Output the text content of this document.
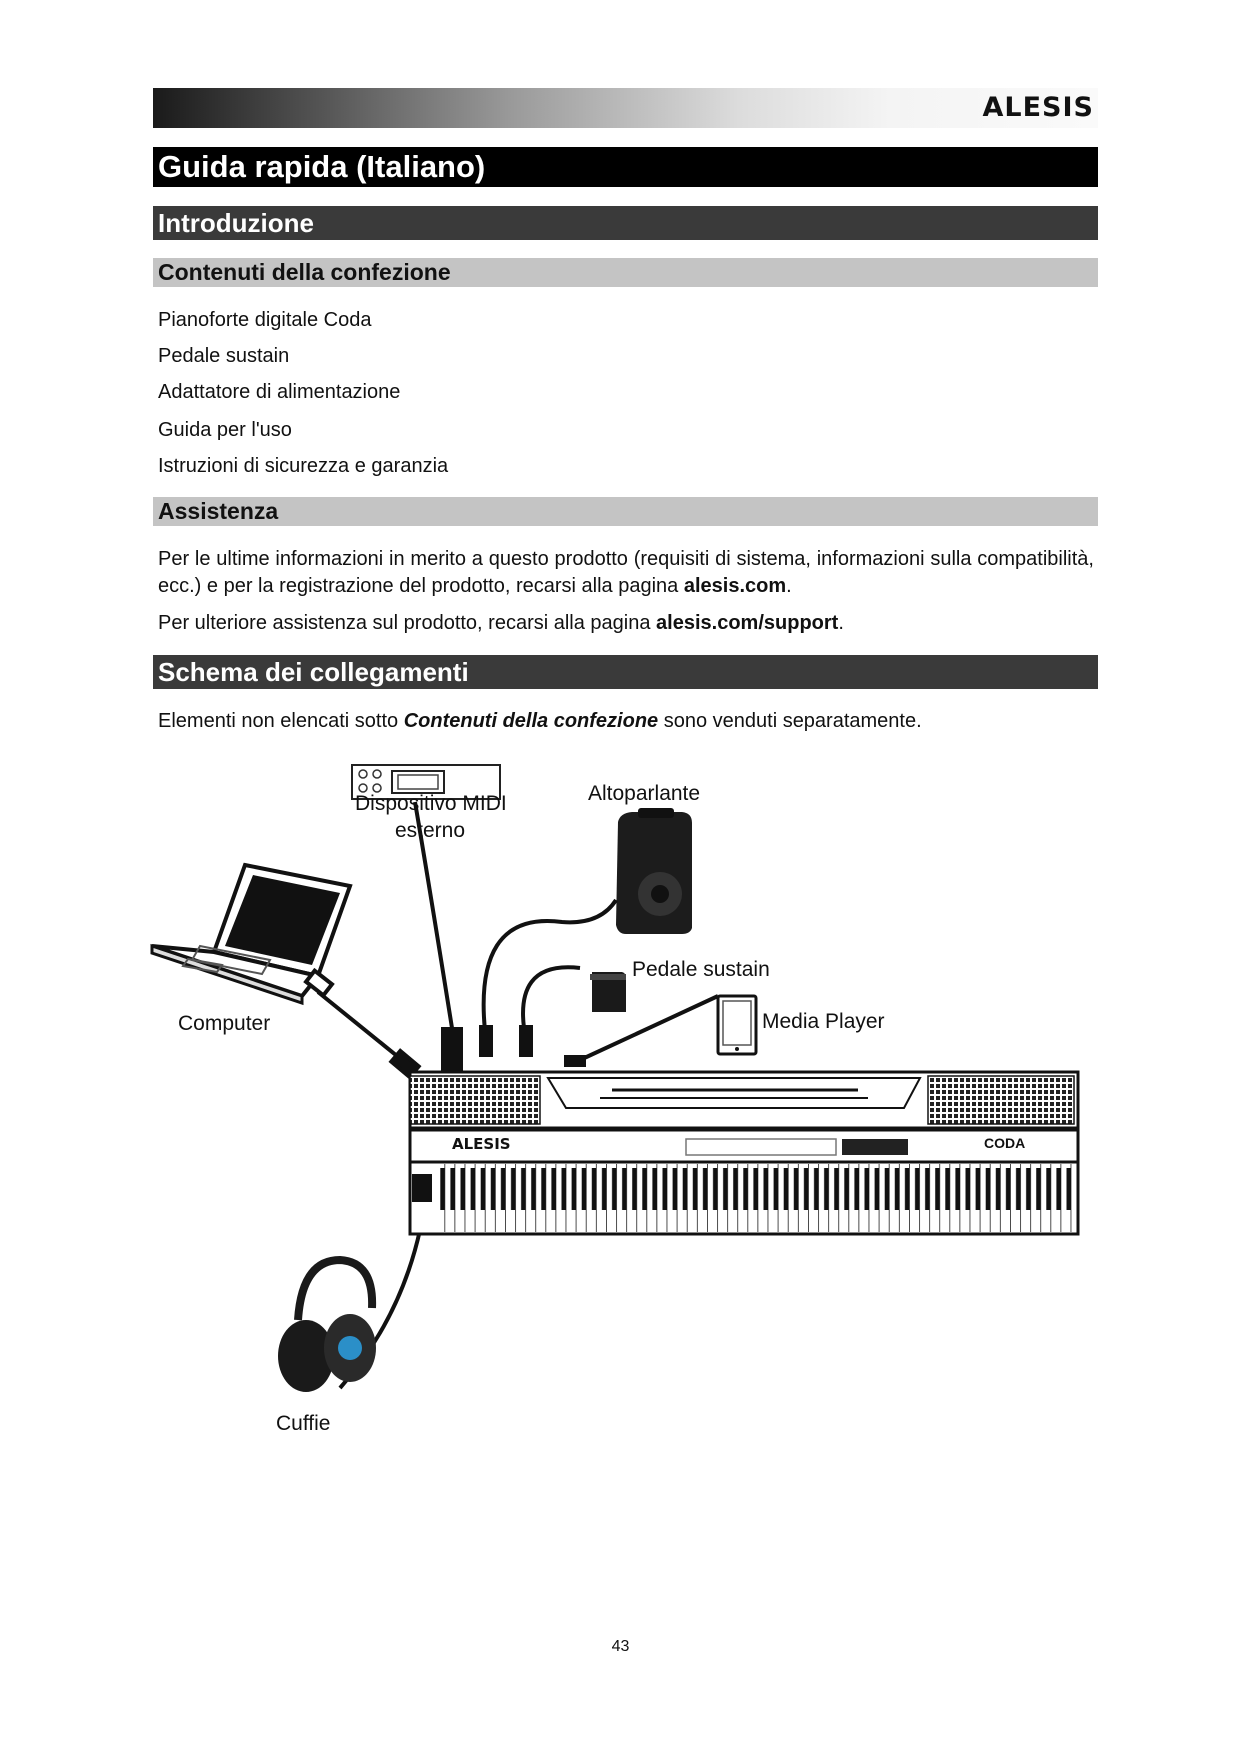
ALESIS
Guida rapida (Italiano)
Introduzione
Contenuti della confezione
Pianoforte digitale Coda
Pedale sustain
Adattatore di alimentazione
Guida per l'uso
Istruzioni di sicurezza e garanzia
Assistenza
Per le ultime informazioni in merito a questo prodotto (requisiti di sistema, informazioni sulla compatibilità, ecc.) e per la registrazione del prodotto, recarsi alla pagina alesis.com.
Per ulteriore assistenza sul prodotto, recarsi alla pagina alesis.com/support.
Schema dei collegamenti
Elementi non elencati sotto Contenuti della confezione sono venduti separatamente.
Dispositivo MIDI
esterno
Altoparlante
Pedale sustain
Media Player
Computer
Cuffie
ALESIS	CODA
43
